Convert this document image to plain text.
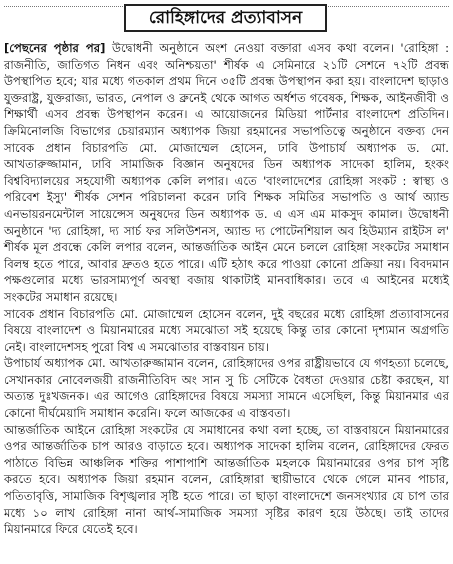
রোহিঙ্গাদের প্রত্যাবাসন

[পেছনের পৃষ্ঠার পর] উদ্বোধনী অনুষ্ঠানে অংশ নেওয়া বক্তারা এসব কথা বলেন। 'রোহিঙ্গা : রাজনীতি, জাতিগত নিধন এবং অনিশ্চয়তা' শীর্ষক এ সেমিনারে ২১টি সেশনে ৭২টি প্রবন্ধ উপস্থাপিত হবে; যার মধ্যে গতকাল প্রথম দিনে ৩৫টি প্রবন্ধ উপস্থাপন করা হয়। বাংলাদেশ ছাড়াও যুক্তরাষ্ট্র, যুক্তরাজ্য, ভারত, নেপাল ও ব্রুনেই থেকে আগত অর্ধশত গবেষক, শিক্ষক, আইনজীবী ও শিক্ষার্থী এসব প্রবন্ধ উপস্থাপন করেন। এ আয়োজনের মিডিয়া পার্টনার বাংলাদেশ প্রতিদিন। ক্রিমিনোলজি বিভাগের চেয়ারম্যান অধ্যাপক জিয়া রহমানের সভাপতিত্বে অনুষ্ঠানে বক্তব্য দেন সাবেক প্রধান বিচারপতি মো. মোজাম্মেল হোসেন, ঢাবি উপাচার্য অধ্যাপক ড. মো. আখতারুজ্জামান, ঢাবি সামাজিক বিজ্ঞান অনুষদের ডিন অধ্যাপক সাদেকা হালিম, হংকং বিশ্ববিদ্যালয়ের সহযোগী অধ্যাপক কেলি লপার। এতে 'বাংলাদেশের রোহিঙ্গা সংকট : স্বাস্থ্য ও পরিবেশ ইস্যু' শীর্ষক সেশন পরিচালনা করেন ঢাবি শিক্ষক সমিতির সভাপতি ও আর্থ অ্যান্ড এনভায়রনমেন্টাল সায়েন্সেস অনুষদের ডিন অধ্যাপক ড. এ এস এম মাকসুদ কামাল। উদ্বোধনী অনুষ্ঠানে 'দ্য রোহিঙ্গা, দ্য সার্চ ফর সলিউশনস, অ্যান্ড দ্য পোটেনশিয়াল অব হিউম্যান রাইটস ল' শীর্ষক মূল প্রবন্ধে কেলি লপার বলেন, আন্তর্জাতিক আইন মেনে চললে রোহিঙ্গা সংকটের সমাধান বিলম্ব হতে পারে, আবার দ্রুতও হতে পারে। এটি হঠাৎ করে পাওয়া কোনো প্রক্রিয়া নয়। বিবদমান পক্ষগুলোর মধ্যে ভারসাম্যপূর্ণ অবস্থা বজায় থাকাটাই মানবাধিকার। তবে এ আইনের মধ্যেই সংকটের সমাধান রয়েছে।

সাবেক প্রধান বিচারপতি মো. মোজাম্মেল হোসেন বলেন, দুই বছরের মধ্যে রোহিঙ্গা প্রত্যাবাসনের বিষয়ে বাংলাদেশ ও মিয়ানমারের মধ্যে সমঝোতা সই হয়েছে কিন্তু তার কোনো দৃশ্যমান অগ্রগতি নেই। বাংলাদেশসহ পুরো বিশ্ব এ সমঝোতার বাস্তবায়ন চায়।

উপাচার্য অধ্যাপক মো. আখতারুজ্জামান বলেন, রোহিঙ্গাদের ওপর রাষ্ট্রীয়ভাবে যে গণহত্যা চলেছে, সেখানকার নোবেলজয়ী রাজনীতিবিদ অং সান সু চি সেটিকে বৈধতা দেওয়ার চেষ্টা করছেন, যা অত্যন্ত দুঃখজনক। এর আগেও রোহিঙ্গাদের বিষয়ে সমস্যা সামনে এসেছিল, কিন্তু মিয়ানমার এর কোনো দীর্ঘমেয়াদি সমাধান করেনি। ফলে আজকের এ বাস্তবতা।

আন্তর্জাতিক আইনে রোহিঙ্গা সংকটের যে সমাধানের কথা বলা হচ্ছে, তা বাস্তবায়নে মিয়ানমারের ওপর আন্তর্জাতিক চাপ আরও বাড়াতে হবে। অধ্যাপক সাদেকা হালিম বলেন, রোহিঙ্গাদের ফেরত পাঠাতে বিভিন্ন আঞ্চলিক শক্তির পাশাপাশি আন্তর্জাতিক মহলকে মিয়ানমারের ওপর চাপ সৃষ্টি করতে হবে। অধ্যাপক জিয়া রহমান বলেন, রোহিঙ্গারা স্থায়ীভাবে থেকে গেলে মানব পাচার, পতিতাবৃত্তি, সামাজিক বিশৃঙ্খলার সৃষ্টি হতে পারে। তা ছাড়া বাংলাদেশে জনসংখ্যার যে চাপ তার মধ্যে ১০ লাখ রোহিঙ্গা নানা আর্থ-সামাজিক সমস্যা সৃষ্টির কারণ হয়ে উঠছে। তাই তাদের মিয়ানমারে ফিরে যেতেই হবে।
